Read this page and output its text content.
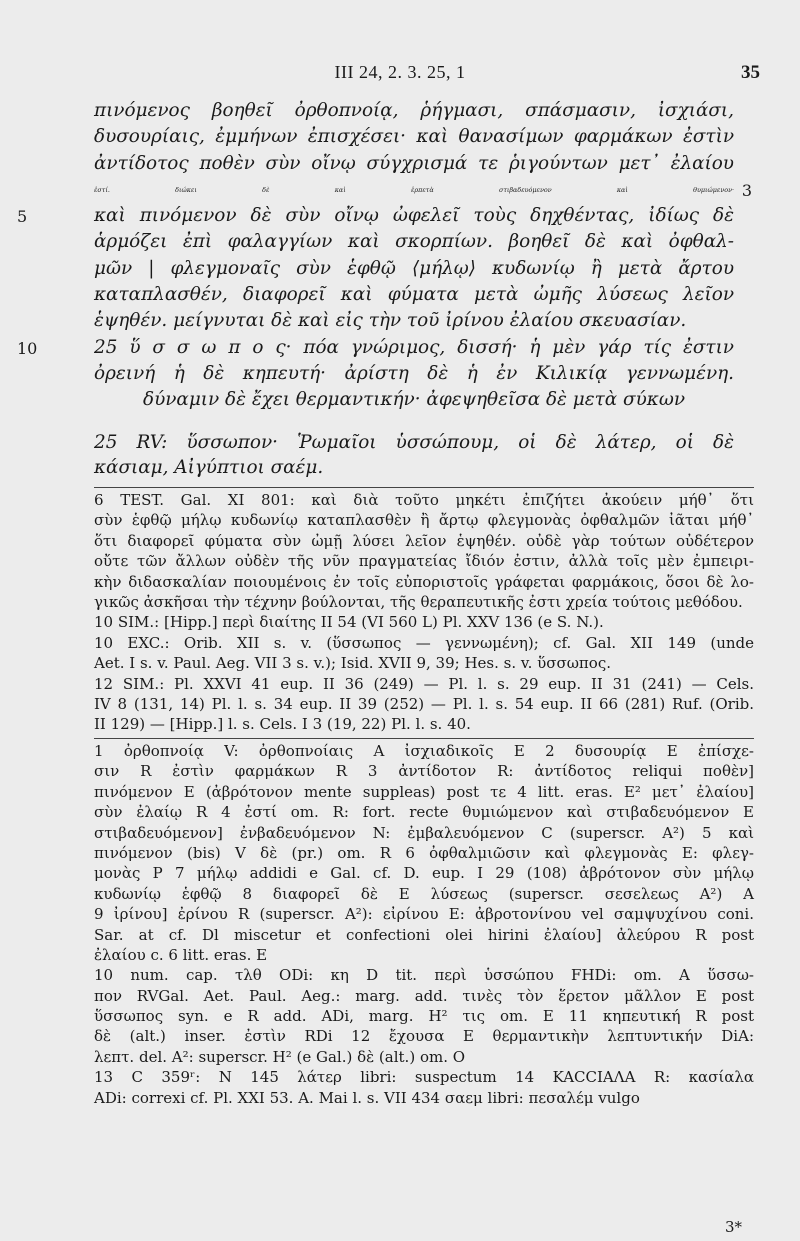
III 24, 2. 3. 25, 1	35
πινόμενος βοηθεῖ ὀρθοπνοίᾳ, ῥήγμασι, σπάσμασιν, ἰσχιάσι,
δυσουρίαις, ἐμμήνων ἐπισχέσει· καὶ θανασίμων φαρμάκων ἐστὶν
ἀντίδοτος ποθὲν σὺν οἴνῳ σύγχρισμά τε ῥιγούντων μετ᾽ ἐλαίου
ἐστί. διώκει δὲ καὶ ἑρπετὰ στιβαδευόμενον καὶ θυμιώμενον· 3
καὶ πινόμενον δὲ σὺν οἴνῳ ὠφελεῖ τοὺς δηχθέντας, ἰδίως δὲ
5
ἁρμόζει ἐπὶ φαλαγγίων καὶ σκορπίων. βοηθεῖ δὲ καὶ ὀφθαλ-
μῶν | φλεγμοναῖς σὺν ἑφθῷ ⟨μήλῳ⟩ κυδωνίῳ ἢ μετὰ ἄρτου
καταπλασθέν, διαφορεῖ καὶ φύματα μετὰ ὠμῆς λύσεως λεῖον
ἑψηθέν. μείγνυται δὲ καὶ εἰς τὴν τοῦ ἰρίνου ἐλαίου σκευασίαν.
25 ὕ σ σ ω π ο ς· πόα γνώριμος, δισσή· ἡ μὲν γάρ τίς ἐστιν
10
ὀρεινή ἡ δὲ κηπευτή· ἀρίστη δὲ ἡ ἐν Κιλικίᾳ γεννωμένη.
δύναμιν δὲ ἔχει θερμαντικήν· ἀφεψηθεῖσα δὲ μετὰ σύκων
25 RV: ὕσσωπον· Ῥωμαῖοι ὑσσώπουμ, οἱ δὲ λάτερ, οἱ δὲ
κάσιαμ, Αἰγύπτιοι σαέμ.
6 TEST. Gal. XI 801: καὶ διὰ τοῦτο μηκέτι ἐπιζήτει ἀκούειν μήθ᾽ ὅτι
σὺν ἑφθῷ μήλῳ κυδωνίῳ καταπλασθὲν ἢ ἄρτῳ φλεγμονὰς ὀφθαλμῶν ἰᾶται μήθ᾽
ὅτι διαφορεῖ φύματα σὺν ὠμῇ λύσει λεῖον ἑψηθέν. οὐδὲ γὰρ τούτων οὐδέτερον
οὔτε τῶν ἄλλων οὐδὲν τῆς νῦν πραγματείας ἴδιόν ἐστιν, ἀλλὰ τοῖς μὲν ἐμπειρι-
κὴν διδασκαλίαν ποιουμένοις ἐν τοῖς εὐποριστοῖς γράφεται φαρμάκοις, ὅσοι δὲ λο-
γικῶς ἀσκῆσαι τὴν τέχνην βούλονται, τῆς θεραπευτικῆς ἐστι χρεία τούτοις μεθόδου.
10 SIM.: [Hipp.] περὶ διαίτης II 54 (VI 560 L) Pl. XXV 136 (e S. N.).
10 EXC.: Orib. XII s. v. (ὕσσωπος — γεννωμένη); cf. Gal. XII 149 (unde
Aet. I s. v. Paul. Aeg. VII 3 s. v.); Isid. XVII 9, 39; Hes. s. v. ὕσσωπος.
12 SIM.: Pl. XXVI 41 eup. II 36 (249) — Pl. l. s. 29 eup. II 31 (241) — Cels.
IV 8 (131, 14) Pl. l. s. 34 eup. II 39 (252) — Pl. l. s. 54 eup. II 66 (281) Ruf. (Orib.
II 129) — [Hipp.] l. s. Cels. I 3 (19, 22) Pl. l. s. 40.
1 ὀρθοπνοίᾳ V: ὀρθοπνοίαις A ἰσχιαδικοῖς E 2 δυσουρίᾳ E ἐπίσχε-
σιν R ἐστὶν φαρμάκων R 3 ἀντίδοτον R: ἀντίδοτος reliqui ποθὲν]
πινόμενον E (ἀβρότονον mente suppleas) post τε 4 litt. eras. E² μετ᾽ ἐλαίου]
σὺν ἐλαίῳ R 4 ἐστί om. R: fort. recte θυμιώμενον καὶ στιβαδευόμενον E
στιβαδευόμενον] ἐνβαδευόμενον N: ἐμβαλευόμενον C (superscr. A²) 5 καὶ
πινόμενον (bis) V δὲ (pr.) om. R 6 ὀφθαλμιῶσιν καὶ φλεγμονὰς E: φλεγ-
μονὰς P 7 μήλῳ addidi e Gal. cf. D. eup. I 29 (108) ἀβρότονον σὺν μήλῳ
κυδωνίῳ ἑφθῷ 8 διαφορεῖ δὲ E λύσεως (superscr. σεσελεως A²) A
9 ἰρίνου] ἐρίνου R (superscr. A²): εἰρίνου E: ἀβροτονίνου vel σαμψυχίνου coni.
Sar. at cf. Dl miscetur et confectioni olei hirini ἐλαίου] ἀλεύρου R post
ἐλαίου c. 6 litt. eras. E
10 num. cap. τλθ ODi: κη D tit. περὶ ὑσσώπου FHDi: om. A ὕσσω-
πον RVGal. Aet. Paul. Aeg.: marg. add. τινὲς τὸν ἕρετον μᾶλλον E post
ὕσσωπος syn. e R add. ADi, marg. H² τις om. E 11 κηπευτική R post
δὲ (alt.) inser. ἐστὶν RDi 12 ἔχουσα E θερμαντικὴν λεπτυντικήν DiA:
λεπτ. del. A²: superscr. H² (e Gal.) δὲ (alt.) om. O
13 C 359ʳ: N 145 λάτερ libri: suspectum 14 KACCIΑΛΑ R: κασίαλα
ADi: correxi cf. Pl. XXI 53. A. Mai l. s. VII 434 σαεμ libri: πεσαλέμ vulgo
3*
